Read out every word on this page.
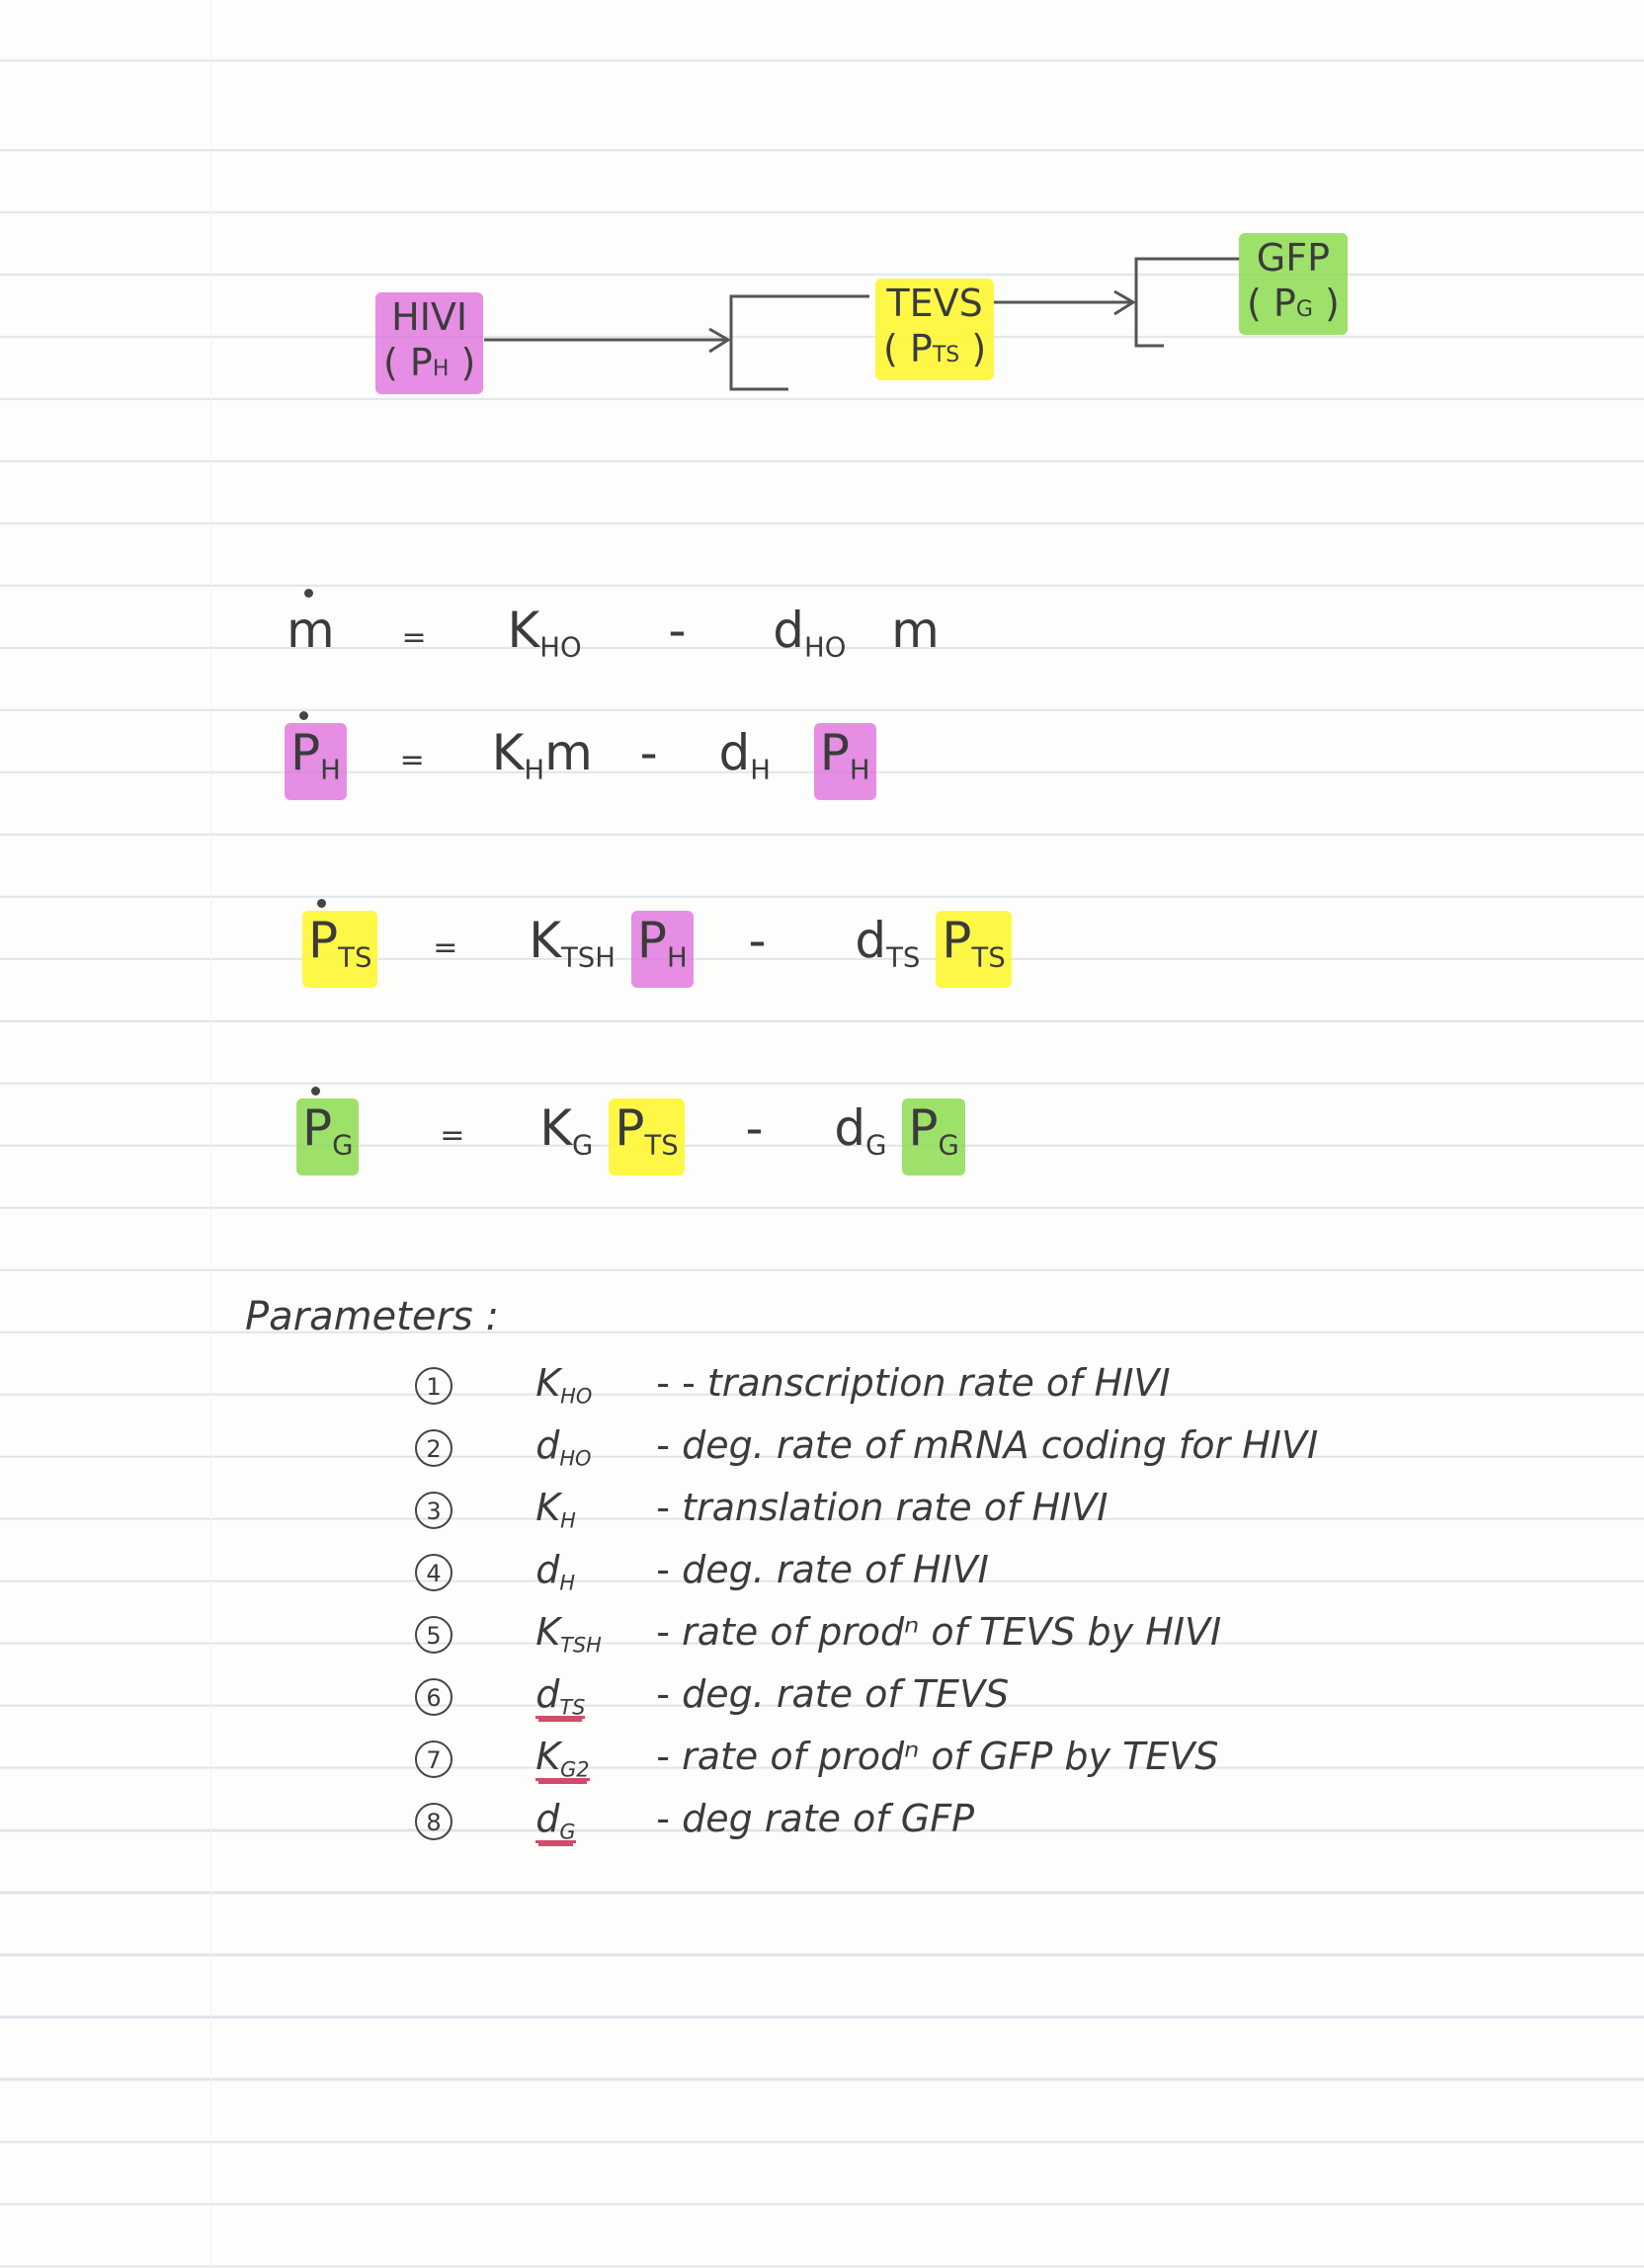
HIVI
( PH )
TEVS
( PTS )
GFP
( PG )
$m = K_{HO} - d_{HO}$ m
$P_H = K_Hm - d_H$ $P_H$
$P_{TS} = K_{TSH}$ $P_H - d_{TS}$ $P_{TS}$
$P_G$	= $K_G$ $P_{TS} - d_G$ $P_G$
Parameters :
1	$K_{HO}$ - - transcription rate of HIVI
2	$d_{HO}$ - deg. rate of mRNA coding for HIVI
3	$K_H$ - translation rate of HIVI
4	$d_H$ - deg. rate of HIVI
5	$K_{TSH}$ - rate of prodⁿ of TEVS by HIVI
6	$d_{TS}$ - deg. rate of TEVS
7	$K_{G2}$ - rate of prodⁿ of GFP by TEVS
8	$d_G$ - deg rate of GFP
